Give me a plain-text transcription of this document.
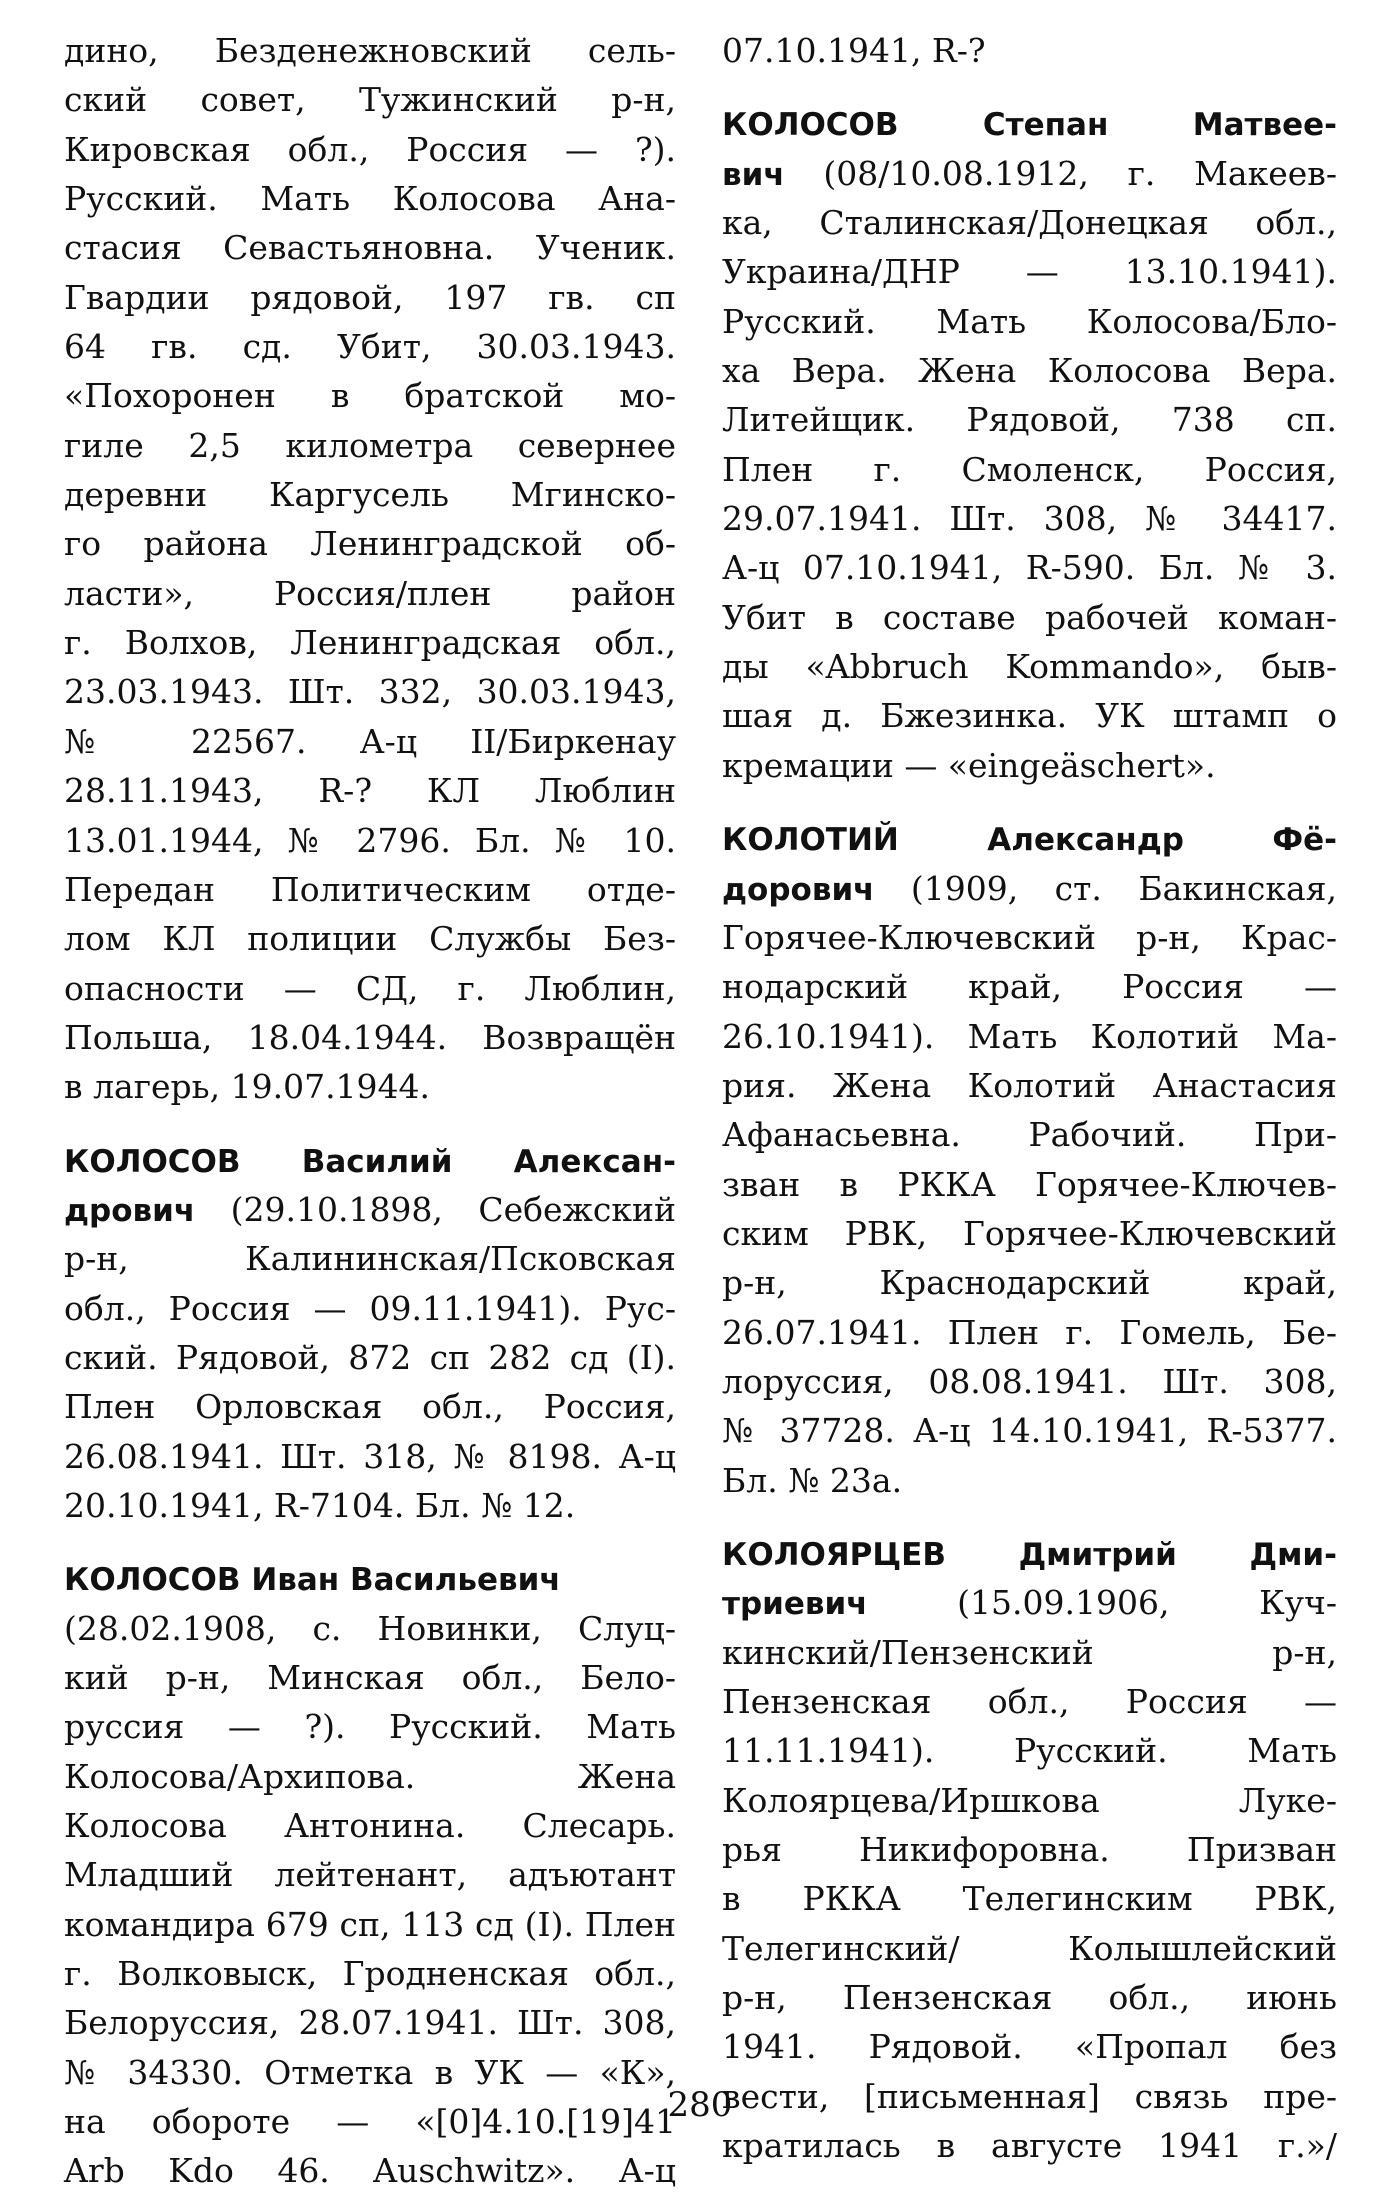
дино, Безденежновский сель-
ский совет, Тужинский р-н,
Кировская обл., Россия — ?).
Русский. Мать Колосова Ана-
стасия Севастьяновна. Ученик.
Гвардии рядовой, 197 гв. сп
64 гв. сд. Убит, 30.03.1943.
«Похоронен в братской мо-
гиле 2,5 километра севернее
деревни Каргусель Мгинско-
го района Ленинградской об-
ласти», Россия/плен район
г. Волхов, Ленинградская обл.,
23.03.1943. Шт. 332, 30.03.1943,
№ 22567. А-ц II/Биркенау
28.11.1943, R-? КЛ Люблин
13.01.1944, № 2796. Бл. № 10.
Передан Политическим отде-
лом КЛ полиции Службы Без-
опасности — СД, г. Люблин,
Польша, 18.04.1944. Возвращён
в лагерь, 19.07.1944.
КОЛОСОВ Василий Алексан-
дрович (29.10.1898, Себежский
р-н, Калининская/Псковская
обл., Россия — 09.11.1941). Рус-
ский. Рядовой, 872 сп 282 сд (I).
Плен Орловская обл., Россия,
26.08.1941. Шт. 318, № 8198. А-ц
20.10.1941, R-7104. Бл. № 12.
КОЛОСОВ Иван Васильевич
(28.02.1908, с. Новинки, Слуц-
кий р-н, Минская обл., Бело-
руссия — ?). Русский. Мать
Колосова/Архипова. Жена
Колосова Антонина. Слесарь.
Младший лейтенант, адъютант
командира 679 сп, 113 сд (I). Плен
г. Волковыск, Гродненская обл.,
Белоруссия, 28.07.1941. Шт. 308,
№ 34330. Отметка в УК — «К»,
на обороте — «[0]4.10.[19]41
Arb Kdo 46. Auschwitz». А-ц
07.10.1941, R-?
КОЛОСОВ Степан Матвее-
вич (08/10.08.1912, г. Макеев-
ка, Сталинская/Донецкая обл.,
Украина/ДНР — 13.10.1941).
Русский. Мать Колосова/Бло-
ха Вера. Жена Колосова Вера.
Литейщик. Рядовой, 738 сп.
Плен г. Смоленск, Россия,
29.07.1941. Шт. 308, № 34417.
А-ц 07.10.1941, R-590. Бл. № 3.
Убит в составе рабочей коман-
ды «Abbruch Kommando», быв-
шая д. Бжезинка. УК штамп о
кремации — «eingeäschert».
КОЛОТИЙ Александр Фё-
дорович (1909, ст. Бакинская,
Горячее-Ключевский р-н, Крас-
нодарский край, Россия —
26.10.1941). Мать Колотий Ма-
рия. Жена Колотий Анастасия
Афанасьевна. Рабочий. При-
зван в РККА Горячее-Ключев-
ским РВК, Горячее-Ключевский
р-н, Краснодарский край,
26.07.1941. Плен г. Гомель, Бе-
лоруссия, 08.08.1941. Шт. 308,
№ 37728. А-ц 14.10.1941, R-5377.
Бл. № 23а.
КОЛОЯРЦЕВ Дмитрий Дми-
триевич (15.09.1906, Куч-
кинский/Пензенский р-н,
Пензенская обл., Россия —
11.11.1941). Русский. Мать
Колоярцева/Иршкова Луке-
рья Никифоровна. Призван
в РККА Телегинским РВК,
Телегинский/ Колышлейский
р-н, Пензенская обл., июнь
1941. Рядовой. «Пропал без
вести, [письменная] связь пре-
кратилась в августе 1941 г.»/
280
